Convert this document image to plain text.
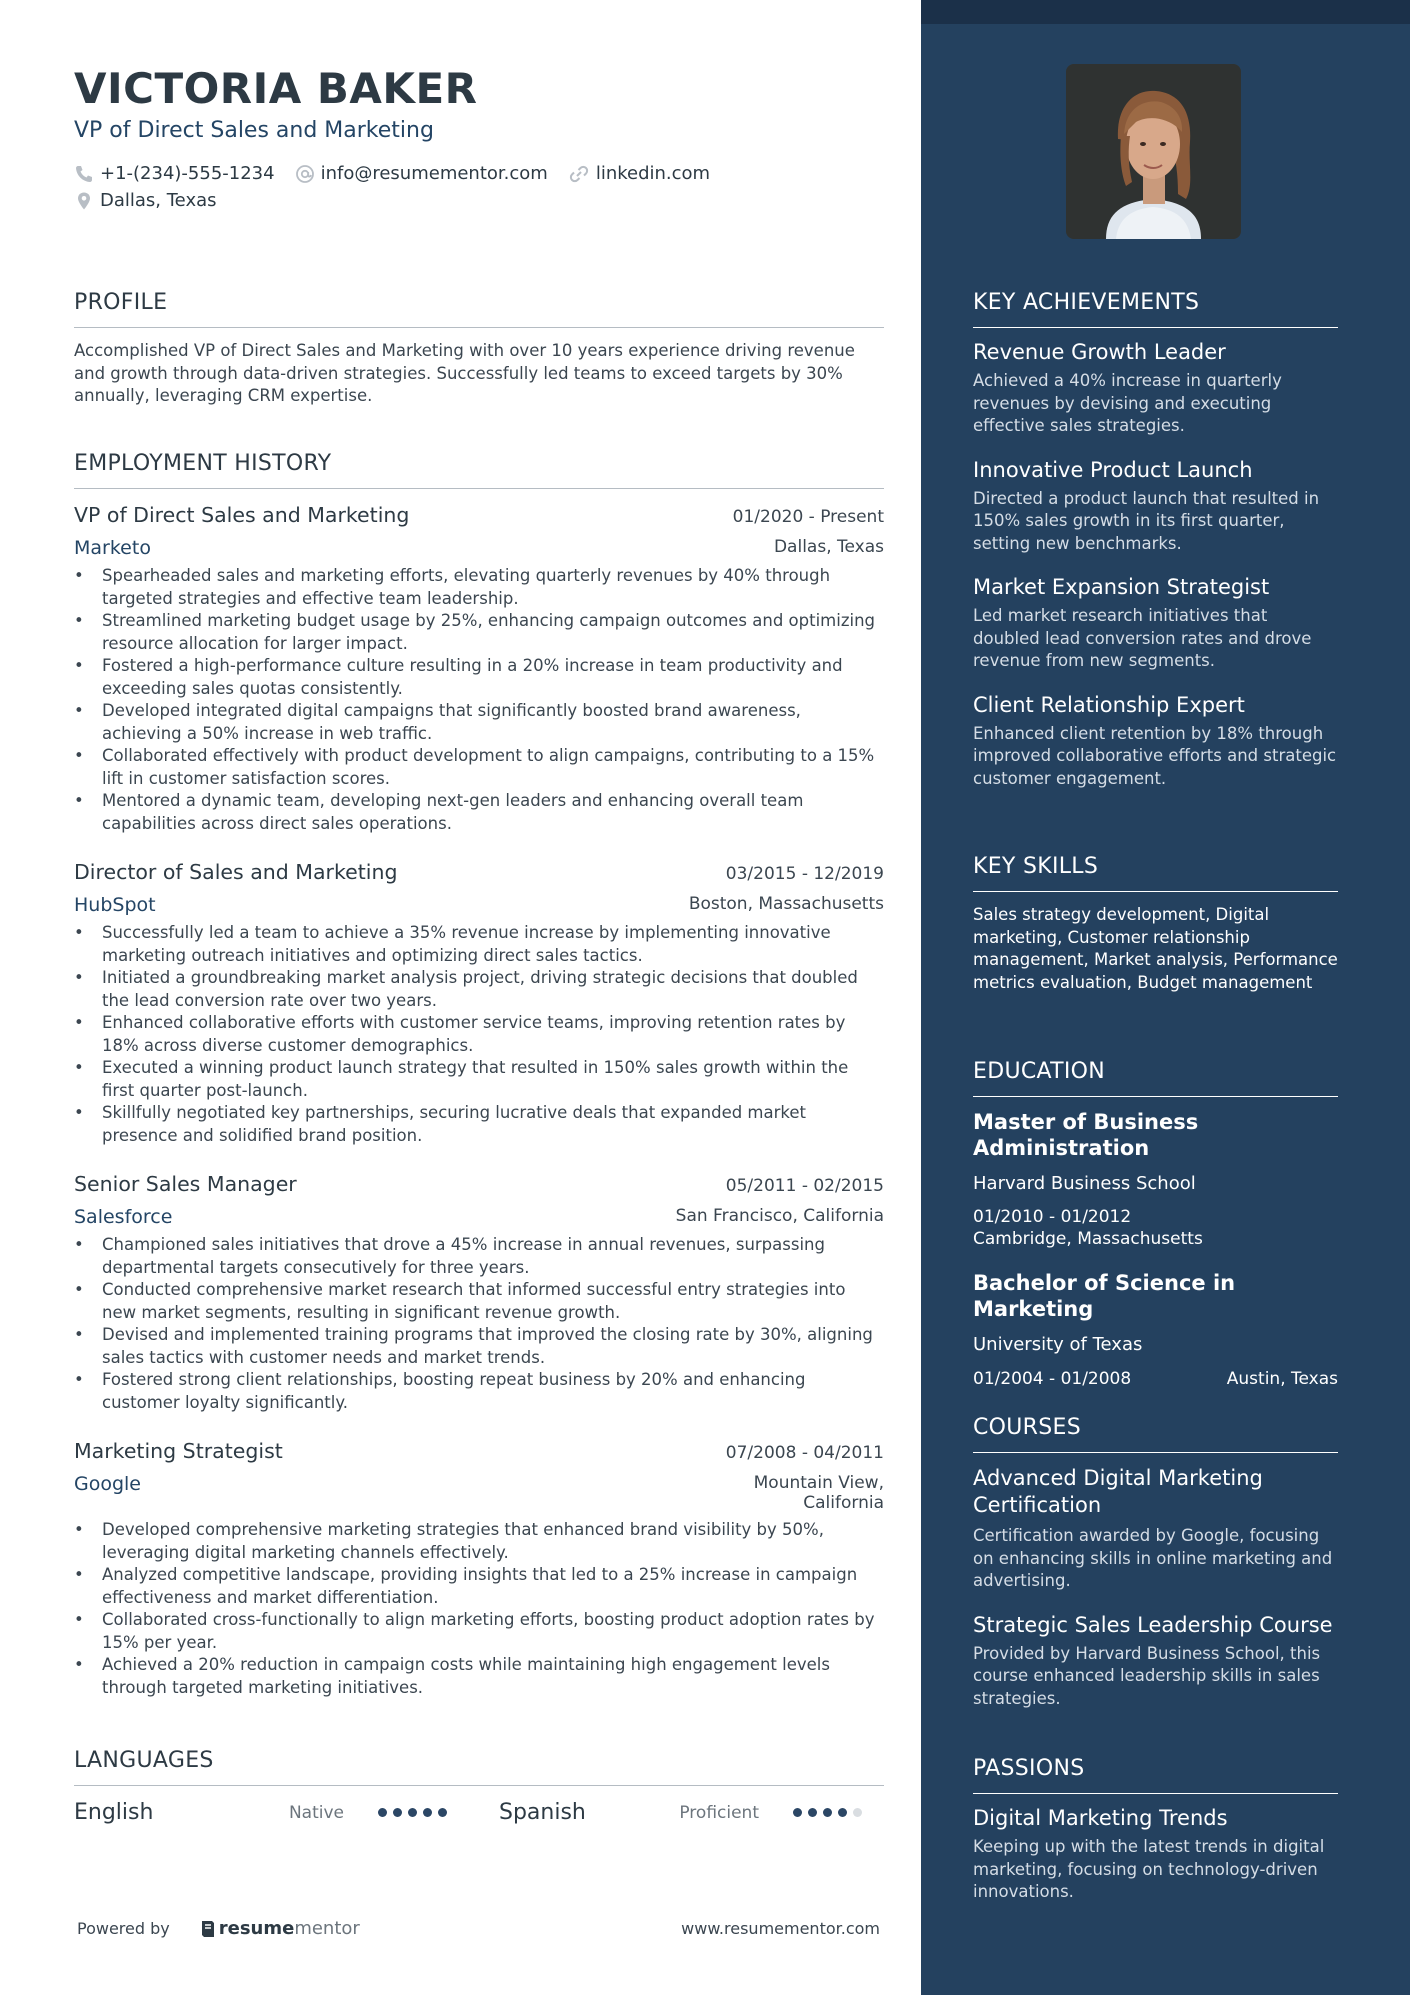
VICTORIA BAKER
VP of Direct Sales and Marketing
+1-(234)-555-1234	info@resumementor.com	linkedin.com
Dallas, Texas
PROFILE
Accomplished VP of Direct Sales and Marketing with over 10 years experience driving revenue and growth through data-driven strategies. Successfully led teams to exceed targets by 30% annually, leveraging CRM expertise.
EMPLOYMENT HISTORY
VP of Direct Sales and Marketing	01/2020 - Present
Marketo	Dallas, Texas
• Spearheaded sales and marketing efforts, elevating quarterly revenues by 40% through targeted strategies and effective team leadership.
• Streamlined marketing budget usage by 25%, enhancing campaign outcomes and optimizing resource allocation for larger impact.
• Fostered a high-performance culture resulting in a 20% increase in team productivity and exceeding sales quotas consistently.
• Developed integrated digital campaigns that significantly boosted brand awareness, achieving a 50% increase in web traffic.
• Collaborated effectively with product development to align campaigns, contributing to a 15% lift in customer satisfaction scores.
• Mentored a dynamic team, developing next-gen leaders and enhancing overall team capabilities across direct sales operations.
Director of Sales and Marketing	03/2015 - 12/2019
HubSpot	Boston, Massachusetts
• Successfully led a team to achieve a 35% revenue increase by implementing innovative marketing outreach initiatives and optimizing direct sales tactics.
• Initiated a groundbreaking market analysis project, driving strategic decisions that doubled the lead conversion rate over two years.
• Enhanced collaborative efforts with customer service teams, improving retention rates by 18% across diverse customer demographics.
• Executed a winning product launch strategy that resulted in 150% sales growth within the first quarter post-launch.
• Skillfully negotiated key partnerships, securing lucrative deals that expanded market presence and solidified brand position.
Senior Sales Manager	05/2011 - 02/2015
Salesforce	San Francisco, California
• Championed sales initiatives that drove a 45% increase in annual revenues, surpassing departmental targets consecutively for three years.
• Conducted comprehensive market research that informed successful entry strategies into new market segments, resulting in significant revenue growth.
• Devised and implemented training programs that improved the closing rate by 30%, aligning sales tactics with customer needs and market trends.
• Fostered strong client relationships, boosting repeat business by 20% and enhancing customer loyalty significantly.
Marketing Strategist	07/2008 - 04/2011
Google	Mountain View, California
• Developed comprehensive marketing strategies that enhanced brand visibility by 50%, leveraging digital marketing channels effectively.
• Analyzed competitive landscape, providing insights that led to a 25% increase in campaign effectiveness and market differentiation.
• Collaborated cross-functionally to align marketing efforts, boosting product adoption rates by 15% per year.
• Achieved a 20% reduction in campaign costs while maintaining high engagement levels through targeted marketing initiatives.
LANGUAGES
English	Native	Spanish	Proficient
Powered by	resume mentor	www.resumementor.com
KEY ACHIEVEMENTS
Revenue Growth Leader
Achieved a 40% increase in quarterly revenues by devising and executing effective sales strategies.
Innovative Product Launch
Directed a product launch that resulted in 150% sales growth in its first quarter, setting new benchmarks.
Market Expansion Strategist
Led market research initiatives that doubled lead conversion rates and drove revenue from new segments.
Client Relationship Expert
Enhanced client retention by 18% through improved collaborative efforts and strategic customer engagement.
KEY SKILLS
Sales strategy development, Digital marketing, Customer relationship management, Market analysis, Performance metrics evaluation, Budget management
EDUCATION
Master of Business Administration
Harvard Business School
01/2010 - 01/2012
Cambridge, Massachusetts
Bachelor of Science in Marketing
University of Texas
01/2004 - 01/2008	Austin, Texas
COURSES
Advanced Digital Marketing Certification
Certification awarded by Google, focusing on enhancing skills in online marketing and advertising.
Strategic Sales Leadership Course
Provided by Harvard Business School, this course enhanced leadership skills in sales strategies.
PASSIONS
Digital Marketing Trends
Keeping up with the latest trends in digital marketing, focusing on technology-driven innovations.
